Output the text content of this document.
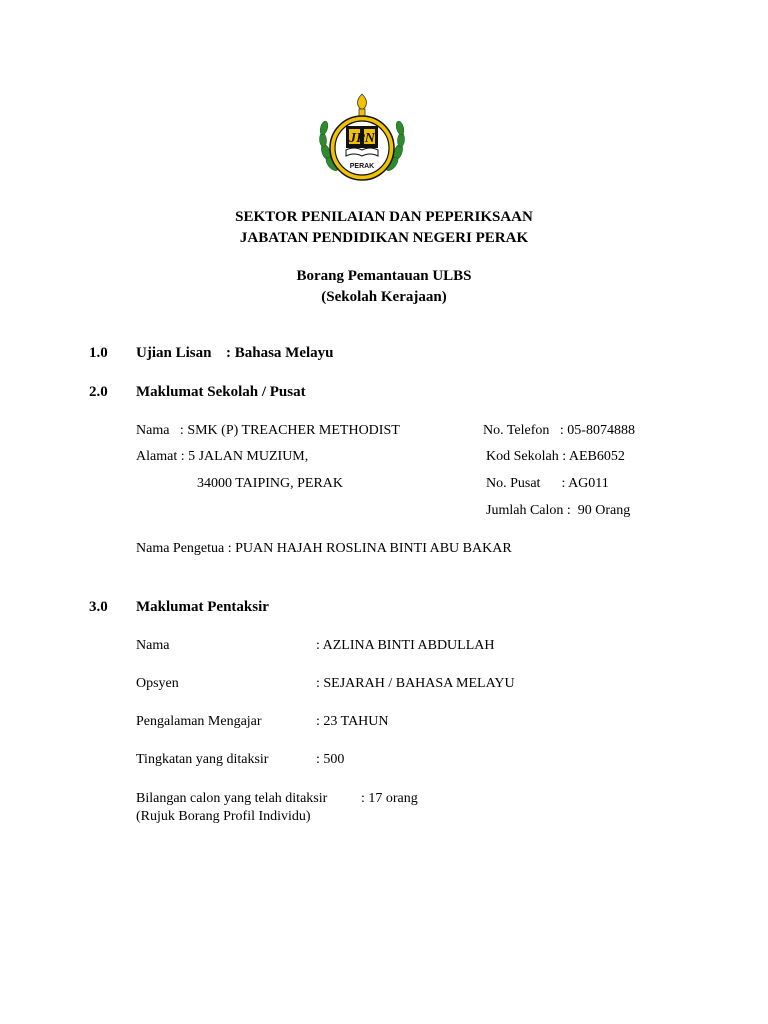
JPN
PERAK
SEKTOR PENILAIAN DAN PEPERIKSAAN
JABATAN PENDIDIKAN NEGERI PERAK
Borang Pemantauan ULBS
(Sekolah Kerajaan)
1.0 Ujian Lisan : Bahasa Melayu
2.0 Maklumat Sekolah / Pusat
Nama   : SMK (P) TREACHER METHODIST
Alamat : 5 JALAN MUZIUM,
34000 TAIPING, PERAK
No. Telefon   : 05-8074888
Kod Sekolah : AEB6052
No. Pusat      : AG011
Jumlah Calon :  90 Orang
Nama Pengetua : PUAN HAJAH ROSLINA BINTI ABU BAKAR
3.0 Maklumat Pentaksir
Nama	: AZLINA BINTI ABDULLAH
Opsyen	: SEJARAH / BAHASA MELAYU
Pengalaman Mengajar	: 23 TAHUN
Tingkatan yang ditaksir	: 500
Bilangan calon yang telah ditaksir : 17 orang
(Rujuk Borang Profil Individu)
